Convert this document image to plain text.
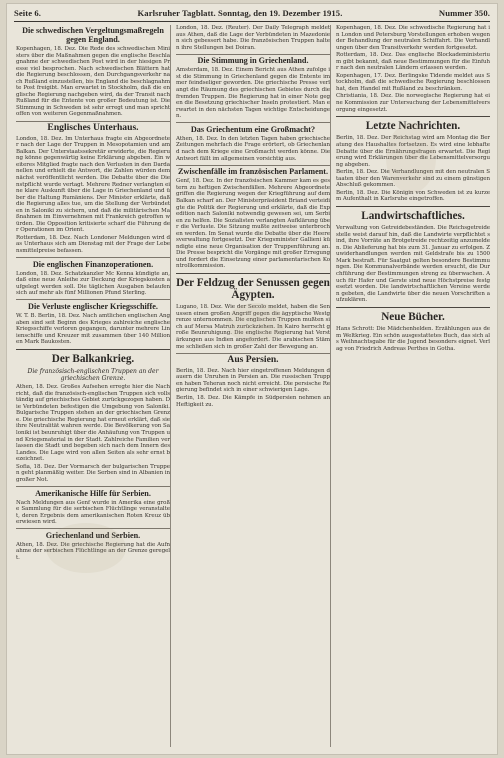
Seite 6.	Karlsruher Tagblatt. Sonntag, den 19. Dezember 1915.	Nummer 350.
Die schwedischen Vergeltungsmaßregeln gegen England.
Kopenhagen, 18. Dez. Die Rede des schwedischen Ministers über die Maßnahmen gegen die englische Beschlagnahme der schwedischen Post wird in der hiesigen Presse viel besprochen. Nach schwedischen Blättern hat die Regierung beschlossen, den Durchgangsverkehr nach Rußland einzustellen, bis England die beschlagnahmte Post freigibt. Man erwartet in Stockholm, daß die englische Regierung nachgeben wird, da der Transit nach Rußland für die Entente von großer Bedeutung ist. Die Stimmung in Schweden ist sehr erregt und man spricht offen von weiteren Gegenmaßnahmen.
Englisches Unterhaus.
London, 18. Dez. Im Unterhaus fragte ein Abgeordneter nach der Lage der Truppen in Mesopotamien und am Balkan. Der Unterstaatssekretär erwiderte, die Regierung könne gegenwärtig keine Erklärung abgeben. Ein weiteres Mitglied fragte nach den Verlusten in den Dardanellen und erhielt die Antwort, die Zahlen würden demnächst veröffentlicht werden. Die Debatte über die Dienstpflicht wurde vertagt. Mehrere Redner verlangten eine klare Auskunft über die Lage in Griechenland und über die Haltung Rumäniens. Der Minister erklärte, daß die Regierung alles tue, um die Stellung der Verbündeten in Saloniki zu sichern, und daß die militärischen Maßnahmen im Einvernehmen mit Frankreich getroffen würden. Die Opposition kritisierte scharf die Führung der Operationen im Orient.
Rotterdam, 18. Dez. Nach Londoner Meldungen wird das Unterhaus sich am Dienstag mit der Frage der Lebensmittelpreise befassen.
Die englischen Finanzoperationen.
London, 18. Dez. Schatzkanzler Mc Kenna kündigte an, daß eine neue Anleihe zur Deckung der Kriegskosten aufgelegt werden soll. Die täglichen Ausgaben belaufen sich auf mehr als fünf Millionen Pfund Sterling.
Die Verluste englischer Kriegsschiffe.
W. T. B. Berlin, 18. Dez. Nach amtlichen englischen Angaben sind seit Beginn des Krieges zahlreiche englische Kriegsschiffe verloren gegangen, darunter mehrere Linienschiffe und Kreuzer mit zusammen über 140 Millionen Mark Baukosten.
Der Balkankrieg.
Die französisch-englischen Truppen an der griechischen Grenze.
Athen, 18. Dez. Großes Aufsehen erregte hier die Nachricht, daß die französisch-englischen Truppen sich vollständig auf griechisches Gebiet zurückgezogen haben. Die Verbündeten befestigen die Umgebung von Saloniki. Bulgarische Truppen stehen an der griechischen Grenze. Die griechische Regierung hat erneut erklärt, daß sie ihre Neutralität wahren werde. Die Bevölkerung von Saloniki ist beunruhigt über die Anhäufung von Truppen und Kriegsmaterial in der Stadt. Zahlreiche Familien verlassen die Stadt und begeben sich nach dem Innern des Landes. Die Lage wird von allen Seiten als sehr ernst bezeichnet.
Sofia, 18. Dez. Der Vormarsch der bulgarischen Truppen geht planmäßig weiter. Die Serben sind in Albanien in großer Not.
Amerikanische Hilfe für Serbien.
Nach Meldungen aus Genf wurde in Amerika eine große Sammlung für die serbischen Flüchtlinge veranstaltet, deren Ergebnis dem amerikanischen Roten Kreuz überwiesen wird.
Griechenland und Serbien.
Athen, 18. Dez. Die griechische Regierung hat die Aufnahme der serbischen Flüchtlinge an der Grenze geregelt.
London, 18. Dez. (Reuter). Der Daily Telegraph meldet aus Athen, daß die Lage der Verbündeten in Mazedonien sich gebessert habe. Die französischen Truppen halten ihre Stellungen bei Doiran.
Die Stimmung in Griechenland.
Amsterdam, 18. Dez. Einem Bericht aus Athen zufolge ist die Stimmung in Griechenland gegen die Entente immer feindseliger geworden. Die griechische Presse verlangt die Räumung des griechischen Gebietes durch die fremden Truppen. Die Regierung hat in einer Note gegen die Besetzung griechischer Inseln protestiert. Man erwartet in den nächsten Tagen wichtige Entscheidungen.
Das Griechentum eine Großmacht?
Athen, 18. Dez. In den letzten Tagen haben griechische Zeitungen mehrfach die Frage erörtert, ob Griechenland nach dem Kriege eine Großmacht werden könne. Die Antwort fällt im allgemeinen vorsichtig aus.
Zwischenfälle im französischen Parlament.
Genf, 18. Dez. In der französischen Kammer kam es gestern zu heftigen Zwischenfällen. Mehrere Abgeordnete griffen die Regierung wegen der Kriegführung auf dem Balkan scharf an. Der Ministerpräsident Briand verteidigte die Politik der Regierung und erklärte, daß die Expedition nach Saloniki notwendig gewesen sei, um Serbien zu helfen. Die Sozialisten verlangten Aufklärung über die Verluste. Die Sitzung mußte zeitweise unterbrochen werden. Im Senat wurde die Debatte über die Heeresverwaltung fortgesetzt. Der Kriegsminister Gallieni kündigte eine neue Organisation der Truppenführung an. Die Presse bespricht die Vorgänge mit großer Erregung und fordert die Einsetzung einer parlamentarischen Kontrollkommission.
Der Feldzug der Senussen gegen Ägypten.
Lugano, 18. Dez. Wie der Secolo meldet, haben die Senussen einen großen Angriff gegen die ägyptische Westgrenze unternommen. Die englischen Truppen mußten sich auf Mersa Matruh zurückziehen. In Kairo herrscht große Beunruhigung. Die englische Regierung hat Verstärkungen aus Indien angefordert. Die arabischen Stämme schließen sich in großer Zahl der Bewegung an.
Aus Persien.
Berlin, 18. Dez. Nach hier eingetroffenen Meldungen dauern die Unruhen in Persien an. Die russischen Truppen haben Teheran noch nicht erreicht. Die persische Regierung befindet sich in einer schwierigen Lage.
Berlin, 18. Dez. Die Kämpfe in Südpersien nehmen an Heftigkeit zu.
Kopenhagen, 18. Dez. Die schwedische Regierung hat in London und Petersburg Vorstellungen erhoben wegen der Behandlung der neutralen Schiffahrt. Die Verhandlungen über den Transitverkehr werden fortgesetzt.
Rotterdam, 18. Dez. Das englische Blockadeministerium gibt bekannt, daß neue Bestimmungen für die Einfuhr nach den neutralen Ländern erlassen werden.
Kopenhagen, 17. Dez. Berlingske Tidende meldet aus Stockholm, daß die schwedische Regierung beschlossen hat, den Handel mit Rußland zu beschränken.
Christiania, 18. Dez. Die norwegische Regierung hat eine Kommission zur Untersuchung der Lebensmittelversorgung eingesetzt.
Letzte Nachrichten.
Berlin, 18. Dez. Der Reichstag wird am Montag die Beratung des Haushaltes fortsetzen. Es wird eine lebhafte Debatte über die Ernährungsfragen erwartet. Die Regierung wird Erklärungen über die Lebensmittelversorgung abgeben.
Berlin, 18. Dez. Die Verhandlungen mit den neutralen Staaten über den Warenverkehr sind zu einem günstigen Abschluß gekommen.
Berlin, 18. Dez. Die Königin von Schweden ist zu kurzem Aufenthalt in Karlsruhe eingetroffen.
Landwirtschaftliches.
Verwaltung von Getreidebeständen. Die Reichsgetreidestelle weist darauf hin, daß die Landwirte verpflichtet sind, ihre Vorräte an Brotgetreide rechtzeitig anzumelden. Die Ablieferung hat bis zum 31. Januar zu erfolgen. Zuwiderhandlungen werden mit Geldstrafe bis zu 1500 Mark bestraft. Für Saatgut gelten besondere Bestimmungen. Die Kommunalverbände werden ersucht, die Durchführung der Bestimmungen streng zu überwachen. Auch für Hafer und Gerste sind neue Höchstpreise festgesetzt worden. Die landwirtschaftlichen Vereine werden gebeten, die Landwirte über die neuen Vorschriften aufzuklären.
Neue Bücher.
Hans Schrott: Die Mädchenhelden. Erzählungen aus dem Weltkrieg. Ein schön ausgestattetes Buch, das sich als Weihnachtsgabe für die Jugend besonders eignet. Verlag von Friedrich Andreas Perthes in Gotha.
